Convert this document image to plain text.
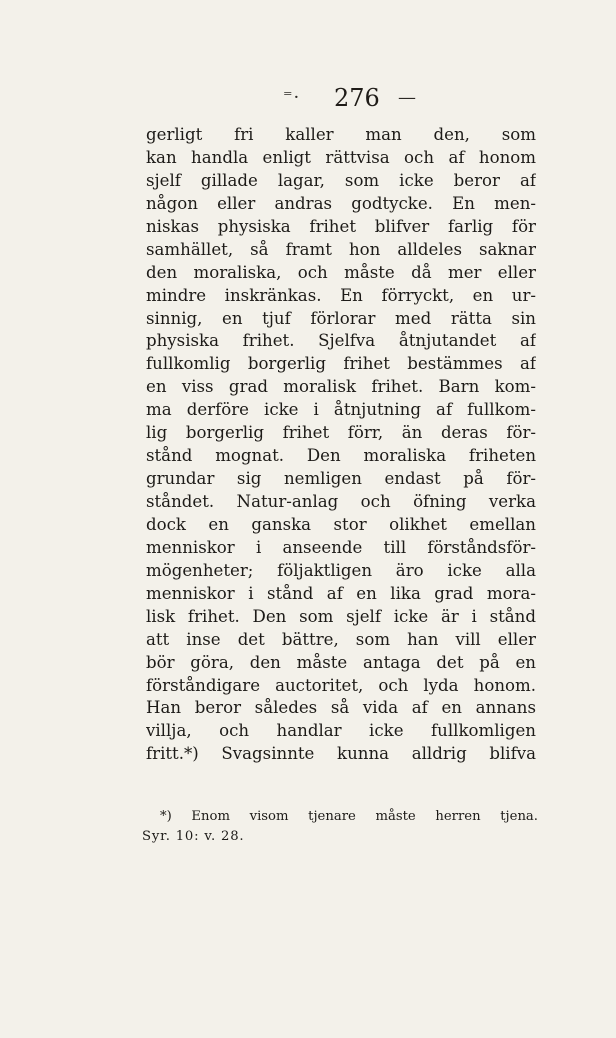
⁼· 276 —
gerligt fri kaller man den, som
kan handla enligt rättvisa och af honom
sjelf gillade lagar, som icke beror af
någon eller andras godtycke. En men-
niskas physiska frihet blifver farlig för
samhället, så framt hon alldeles saknar
den moraliska, och måste då mer eller
mindre inskränkas. En förryckt, en ur-
sinnig, en tjuf förlorar med rätta sin
physiska frihet. Sjelfva åtnjutandet af
fullkomlig borgerlig frihet bestämmes af
en viss grad moralisk frihet. Barn kom-
ma derföre icke i åtnjutning af fullkom-
lig borgerlig frihet förr, än deras för-
stånd mognat. Den moraliska friheten
grundar sig nemligen endast på för-
ståndet. Natur-anlag och öfning verka
dock en ganska stor olikhet emellan
menniskor i anseende till förståndsför-
mögenheter; följaktligen äro icke alla
menniskor i stånd af en lika grad mora-
lisk frihet. Den som sjelf icke är i stånd
att inse det bättre, som han vill eller
bör göra, den måste antaga det på en
förståndigare auctoritet, och lyda honom.
Han beror således så vida af en annans
villja, och handlar icke fullkomligen
fritt.*) Svagsinnte kunna alldrig blifva
*) Enom visom tjenare måste herren tjena.
Syr. 10: v. 28.
